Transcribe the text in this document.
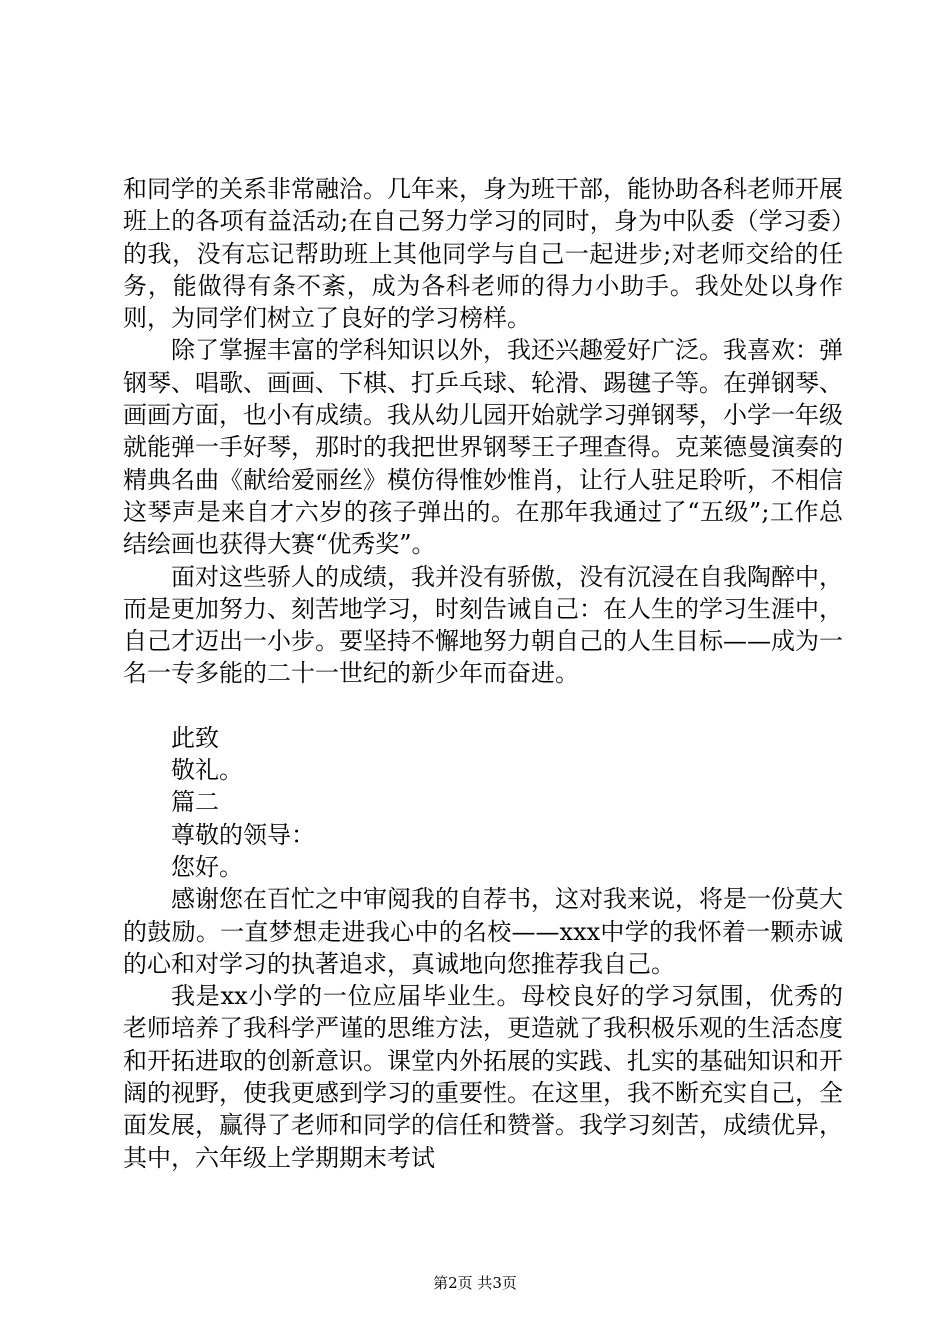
和同学的关系非常融洽。几年来，身为班干部，能协助各科老师开展班上的各项有益活动;在自己努力学习的同时，身为中队委（学习委）的我，没有忘记帮助班上其他同学与自己一起进步;对老师交给的任务，能做得有条不紊，成为各科老师的得力小助手。我处处以身作则，为同学们树立了良好的学习榜样。

除了掌握丰富的学科知识以外，我还兴趣爱好广泛。我喜欢：弹钢琴、唱歌、画画、下棋、打乒乓球、轮滑、踢毽子等。在弹钢琴、画画方面，也小有成绩。我从幼儿园开始就学习弹钢琴，小学一年级就能弹一手好琴，那时的我把世界钢琴王子理查得。克莱德曼演奏的精典名曲《献给爱丽丝》模仿得惟妙惟肖，让行人驻足聆听，不相信这琴声是来自才六岁的孩子弹出的。在那年我通过了“五级”;工作总结绘画也获得大赛“优秀奖”。

面对这些骄人的成绩，我并没有骄傲，没有沉浸在自我陶醉中，而是更加努力、刻苦地学习，时刻告诫自己：在人生的学习生涯中，自己才迈出一小步。要坚持不懈地努力朝自己的人生目标——成为一名一专多能的二十一世纪的新少年而奋进。

此致

敬礼。

篇二

尊敬的领导：

您好。

感谢您在百忙之中审阅我的自荐书，这对我来说，将是一份莫大的鼓励。一直梦想走进我心中的名校——xxx中学的我怀着一颗赤诚的心和对学习的执著追求，真诚地向您推荐我自己。

我是xx小学的一位应届毕业生。母校良好的学习氛围，优秀的老师培养了我科学严谨的思维方法，更造就了我积极乐观的生活态度和开拓进取的创新意识。课堂内外拓展的实践、扎实的基础知识和开阔的视野，使我更感到学习的重要性。在这里，我不断充实自己，全面发展，赢得了老师和同学的信任和赞誉。我学习刻苦，成绩优异，其中，六年级上学期期末考试

第2页 共3页
